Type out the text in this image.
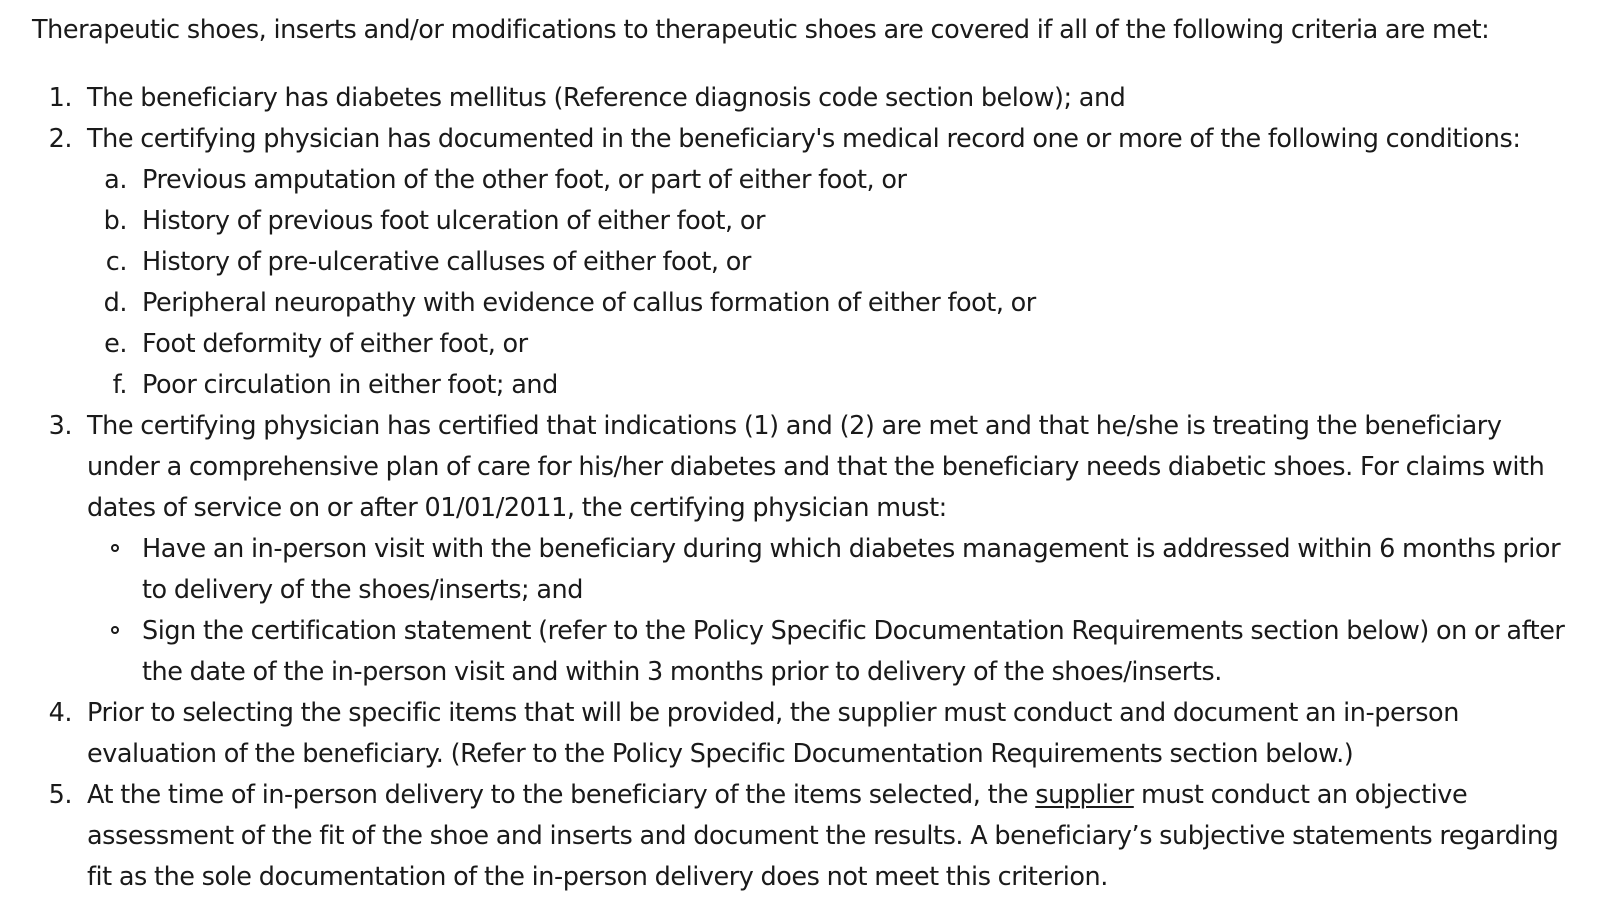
Therapeutic shoes, inserts and/or modifications to therapeutic shoes are covered if all of the following criteria are met:

1. The beneficiary has diabetes mellitus (Reference diagnosis code section below); and
2. The certifying physician has documented in the beneficiary's medical record one or more of the following conditions:
a. Previous amputation of the other foot, or part of either foot, or
b. History of previous foot ulceration of either foot, or
c. History of pre-ulcerative calluses of either foot, or
d. Peripheral neuropathy with evidence of callus formation of either foot, or
e. Foot deformity of either foot, or
f. Poor circulation in either foot; and
3. The certifying physician has certified that indications (1) and (2) are met and that he/she is treating the beneficiary under a comprehensive plan of care for his/her diabetes and that the beneficiary needs diabetic shoes. For claims with dates of service on or after 01/01/2011, the certifying physician must:
Have an in-person visit with the beneficiary during which diabetes management is addressed within 6 months prior to delivery of the shoes/inserts; and
Sign the certification statement (refer to the Policy Specific Documentation Requirements section below) on or after the date of the in-person visit and within 3 months prior to delivery of the shoes/inserts.
4. Prior to selecting the specific items that will be provided, the supplier must conduct and document an in-person evaluation of the beneficiary. (Refer to the Policy Specific Documentation Requirements section below.)
5. At the time of in-person delivery to the beneficiary of the items selected, the supplier must conduct an objective assessment of the fit of the shoe and inserts and document the results. A beneficiary’s subjective statements regarding fit as the sole documentation of the in-person delivery does not meet this criterion.
